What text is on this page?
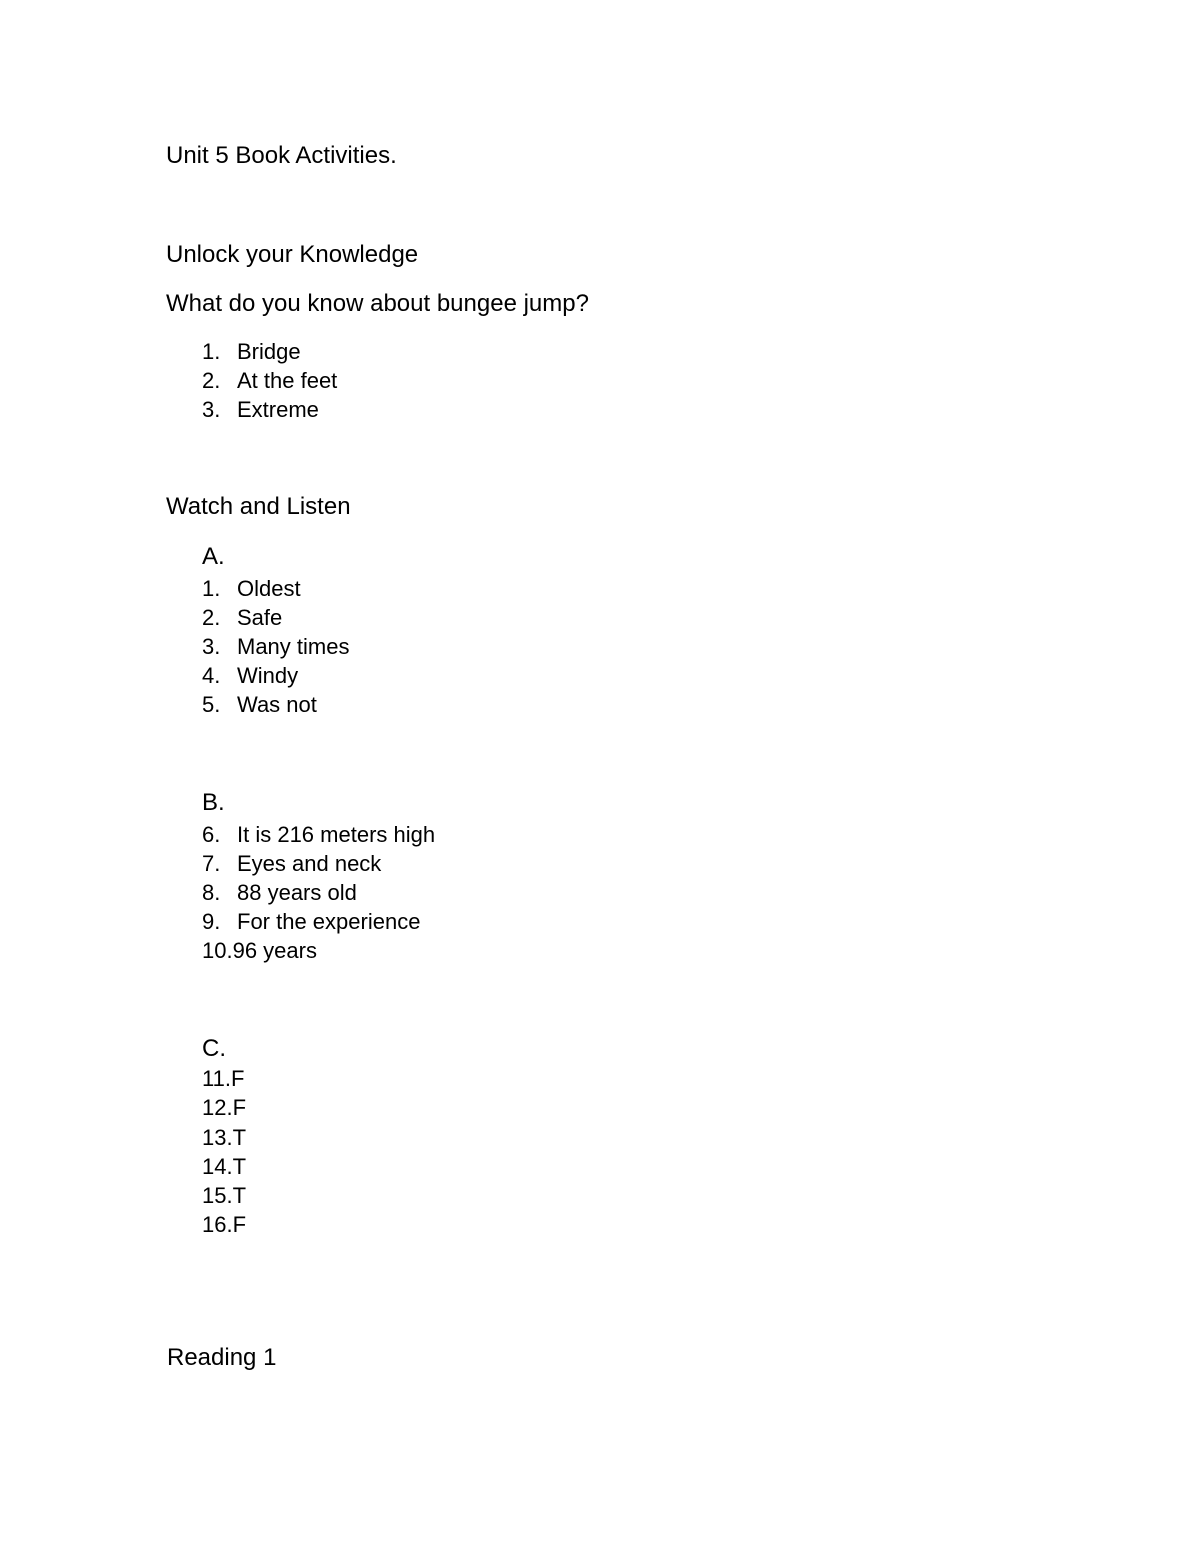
Unit 5 Book Activities.
Unlock your Knowledge
What do you know about bungee jump?
1. Bridge
2. At the feet
3. Extreme
Watch and Listen
A.
1. Oldest
2. Safe
3. Many times
4. Windy
5. Was not
B.
6. It is 216 meters high
7. Eyes and neck
8. 88 years old
9. For the experience
10.96 years
C.
11.F
12.F
13.T
14.T
15.T
16.F
Reading 1
